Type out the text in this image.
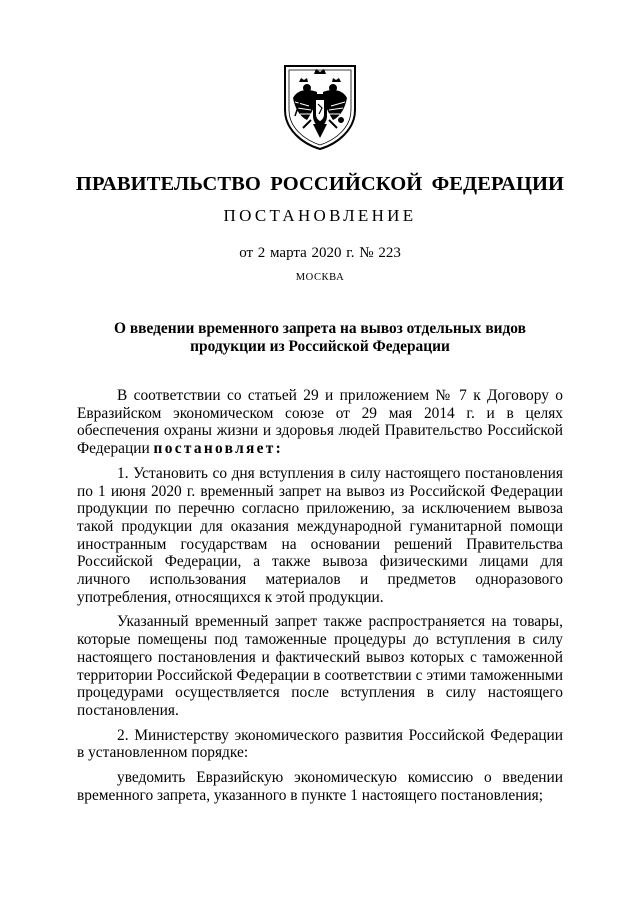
ПРАВИТЕЛЬСТВО РОССИЙСКОЙ ФЕДЕРАЦИИ
ПОСТАНОВЛЕНИЕ
от 2 марта 2020 г. № 223
МОСКВА
О введении временного запрета на вывоз отдельных видов
продукции из Российской Федерации

В соответствии со статьей 29 и приложением № 7 к Договору о Евразийском экономическом союзе от 29 мая 2014 г. и в целях обеспечения охраны жизни и здоровья людей Правительство Российской Федерации постановляет:

1. Установить со дня вступления в силу настоящего постановления по 1 июня 2020 г. временный запрет на вывоз из Российской Федерации продукции по перечню согласно приложению, за исключением вывоза такой продукции для оказания международной гуманитарной помощи иностранным государствам на основании решений Правительства Российской Федерации, а также вывоза физическими лицами для личного использования материалов и предметов одноразового употребления, относящихся к этой продукции.

Указанный временный запрет также распространяется на товары, которые помещены под таможенные процедуры до вступления в силу настоящего постановления и фактический вывоз которых с таможенной территории Российской Федерации в соответствии с этими таможенными процедурами осуществляется после вступления в силу настоящего постановления.

2. Министерству экономического развития Российской Федерации в установленном порядке:

уведомить Евразийскую экономическую комиссию о введении временного запрета, указанного в пункте 1 настоящего постановления;
